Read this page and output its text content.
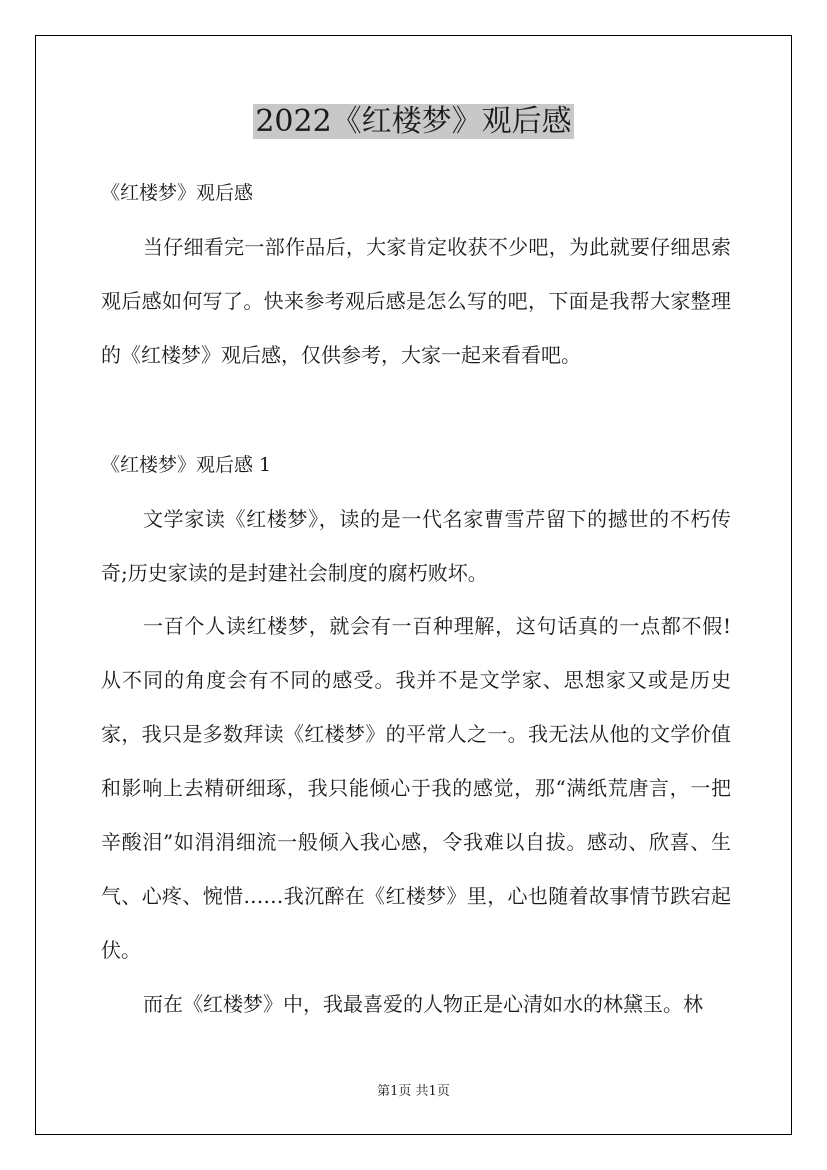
2022《红楼梦》观后感
《红楼梦》观后感

当仔细看完一部作品后，大家肯定收获不少吧，为此就要仔细思索观后感如何写了。快来参考观后感是怎么写的吧，下面是我帮大家整理的《红楼梦》观后感，仅供参考，大家一起来看看吧。

《红楼梦》观后感 1

文学家读《红楼梦》，读的是一代名家曹雪芹留下的撼世的不朽传奇;历史家读的是封建社会制度的腐朽败坏。

一百个人读红楼梦，就会有一百种理解，这句话真的一点都不假!从不同的角度会有不同的感受。我并不是文学家、思想家又或是历史家，我只是多数拜读《红楼梦》的平常人之一。我无法从他的文学价值和影响上去精研细琢，我只能倾心于我的感觉，那“满纸荒唐言，一把辛酸泪”如涓涓细流一般倾入我心感，令我难以自拔。感动、欣喜、生气、心疼、惋惜……我沉醉在《红楼梦》里，心也随着故事情节跌宕起伏。

而在《红楼梦》中，我最喜爱的人物正是心清如水的林黛玉。林

第1页 共1页
